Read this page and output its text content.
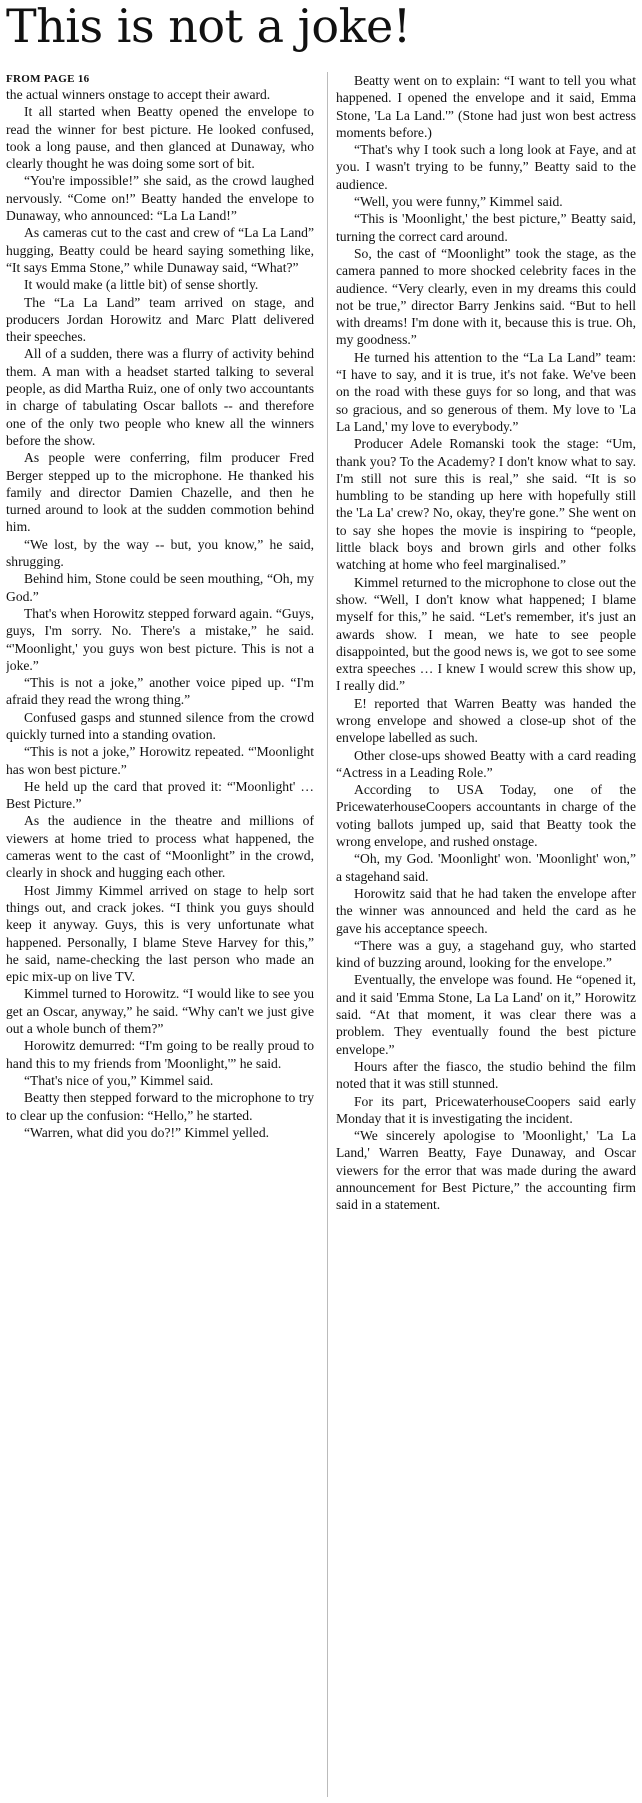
This is not a joke!
FROM PAGE 16

the actual winners onstage to accept their award.

It all started when Beatty opened the envelope to read the winner for best picture. He looked confused, took a long pause, and then glanced at Dunaway, who clearly thought he was doing some sort of bit.

“You're impossible!” she said, as the crowd laughed nervously. “Come on!” Beatty handed the envelope to Dunaway, who announced: “La La Land!”

As cameras cut to the cast and crew of “La La Land” hugging, Beatty could be heard saying something like, “It says Emma Stone,” while Dunaway said, “What?”

It would make (a little bit) of sense shortly.

The “La La Land” team arrived on stage, and producers Jordan Horowitz and Marc Platt delivered their speeches.

All of a sudden, there was a flurry of activity behind them. A man with a headset started talking to several people, as did Martha Ruiz, one of only two accountants in charge of tabulating Oscar ballots -- and therefore one of the only two people who knew all the winners before the show.

As people were conferring, film producer Fred Berger stepped up to the microphone. He thanked his family and director Damien Chazelle, and then he turned around to look at the sudden commotion behind him.

“We lost, by the way -- but, you know,” he said, shrugging.

Behind him, Stone could be seen mouthing, “Oh, my God.”

That's when Horowitz stepped forward again. “Guys, guys, I'm sorry. No. There's a mistake,” he said. “'Moonlight,' you guys won best picture. This is not a joke.”

“This is not a joke,” another voice piped up. “I'm afraid they read the wrong thing.”

Confused gasps and stunned silence from the crowd quickly turned into a standing ovation.

“This is not a joke,” Horowitz repeated. “'Moonlight has won best picture.”

He held up the card that proved it: “'Moonlight' … Best Picture.”

As the audience in the theatre and millions of viewers at home tried to process what happened, the cameras went to the cast of “Moonlight” in the crowd, clearly in shock and hugging each other.

Host Jimmy Kimmel arrived on stage to help sort things out, and crack jokes. “I think you guys should keep it anyway. Guys, this is very unfortunate what happened. Personally, I blame Steve Harvey for this,” he said, name-checking the last person who made an epic mix-up on live TV.

Kimmel turned to Horowitz. “I would like to see you get an Oscar, anyway,” he said. “Why can't we just give out a whole bunch of them?”

Horowitz demurred: “I'm going to be really proud to hand this to my friends from 'Moonlight,'” he said.

“That's nice of you,” Kimmel said.

Beatty then stepped forward to the microphone to try to clear up the confusion: “Hello,” he started.

“Warren, what did you do?!” Kimmel yelled.

Beatty went on to explain: “I want to tell you what happened. I opened the envelope and it said, Emma Stone, 'La La Land.'” (Stone had just won best actress moments before.)

“That's why I took such a long look at Faye, and at you. I wasn't trying to be funny,” Beatty said to the audience.

“Well, you were funny,” Kimmel said.

“This is 'Moonlight,' the best picture,” Beatty said, turning the correct card around.

So, the cast of “Moonlight” took the stage, as the camera panned to more shocked celebrity faces in the audience. “Very clearly, even in my dreams this could not be true,” director Barry Jenkins said. “But to hell with dreams! I'm done with it, because this is true. Oh, my goodness.”

He turned his attention to the “La La Land” team: “I have to say, and it is true, it's not fake. We've been on the road with these guys for so long, and that was so gracious, and so generous of them. My love to 'La La Land,' my love to everybody.”

Producer Adele Romanski took the stage: “Um, thank you? To the Academy? I don't know what to say. I'm still not sure this is real,” she said. “It is so humbling to be standing up here with hopefully still the 'La La' crew? No, okay, they're gone.” She went on to say she hopes the movie is inspiring to “people, little black boys and brown girls and other folks watching at home who feel marginalised.”

Kimmel returned to the microphone to close out the show. “Well, I don't know what happened; I blame myself for this,” he said. “Let's remember, it's just an awards show. I mean, we hate to see people disappointed, but the good news is, we got to see some extra speeches … I knew I would screw this show up, I really did.”

E! reported that Warren Beatty was handed the wrong envelope and showed a close-up shot of the envelope labelled as such.

Other close-ups showed Beatty with a card reading “Actress in a Leading Role.”

According to USA Today, one of the PricewaterhouseCoopers accountants in charge of the voting ballots jumped up, said that Beatty took the wrong envelope, and rushed onstage.

“Oh, my God. 'Moonlight' won. 'Moonlight' won,” a stagehand said.

Horowitz said that he had taken the envelope after the winner was announced and held the card as he gave his acceptance speech.

“There was a guy, a stagehand guy, who started kind of buzzing around, looking for the envelope.”

Eventually, the envelope was found. He “opened it, and it said 'Emma Stone, La La Land' on it,” Horowitz said. “At that moment, it was clear there was a problem. They eventually found the best picture envelope.”

Hours after the fiasco, the studio behind the film noted that it was still stunned.

For its part, PricewaterhouseCoopers said early Monday that it is investigating the incident.

“We sincerely apologise to 'Moonlight,' 'La La Land,' Warren Beatty, Faye Dunaway, and Oscar viewers for the error that was made during the award announcement for Best Picture,” the accounting firm said in a statement.
